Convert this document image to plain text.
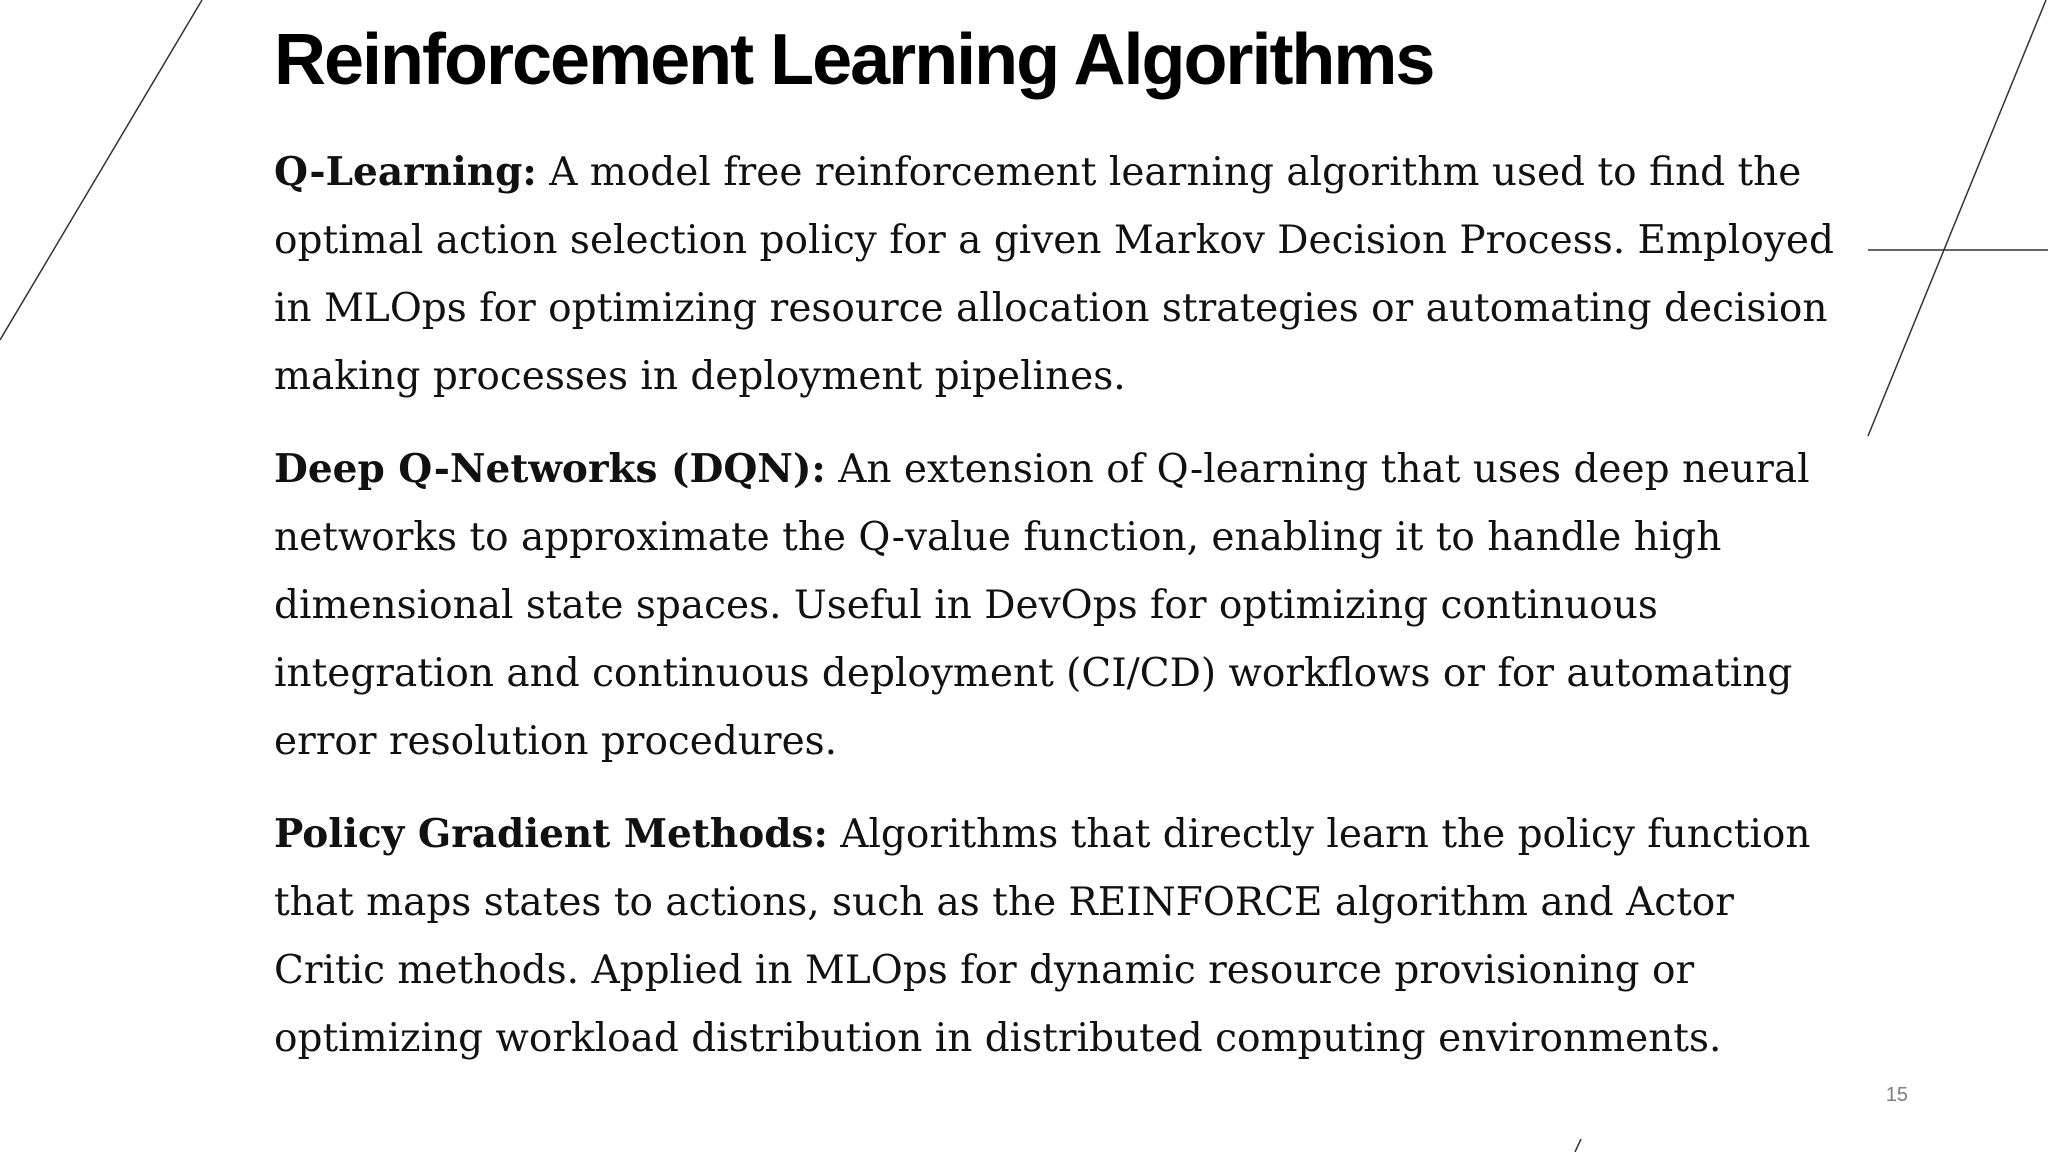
Reinforcement Learning Algorithms

Q-Learning: A model free reinforcement learning algorithm used to find the optimal action selection policy for a given Markov Decision Process. Employed in MLOps for optimizing resource allocation strategies or automating decision making processes in deployment pipelines.

Deep Q-Networks (DQN): An extension of Q-learning that uses deep neural networks to approximate the Q-value function, enabling it to handle high dimensional state spaces. Useful in DevOps for optimizing continuous integration and continuous deployment (CI/CD) workflows or for automating error resolution procedures.

Policy Gradient Methods: Algorithms that directly learn the policy function that maps states to actions, such as the REINFORCE algorithm and Actor Critic methods. Applied in MLOps for dynamic resource provisioning or optimizing workload distribution in distributed computing environments.

15
